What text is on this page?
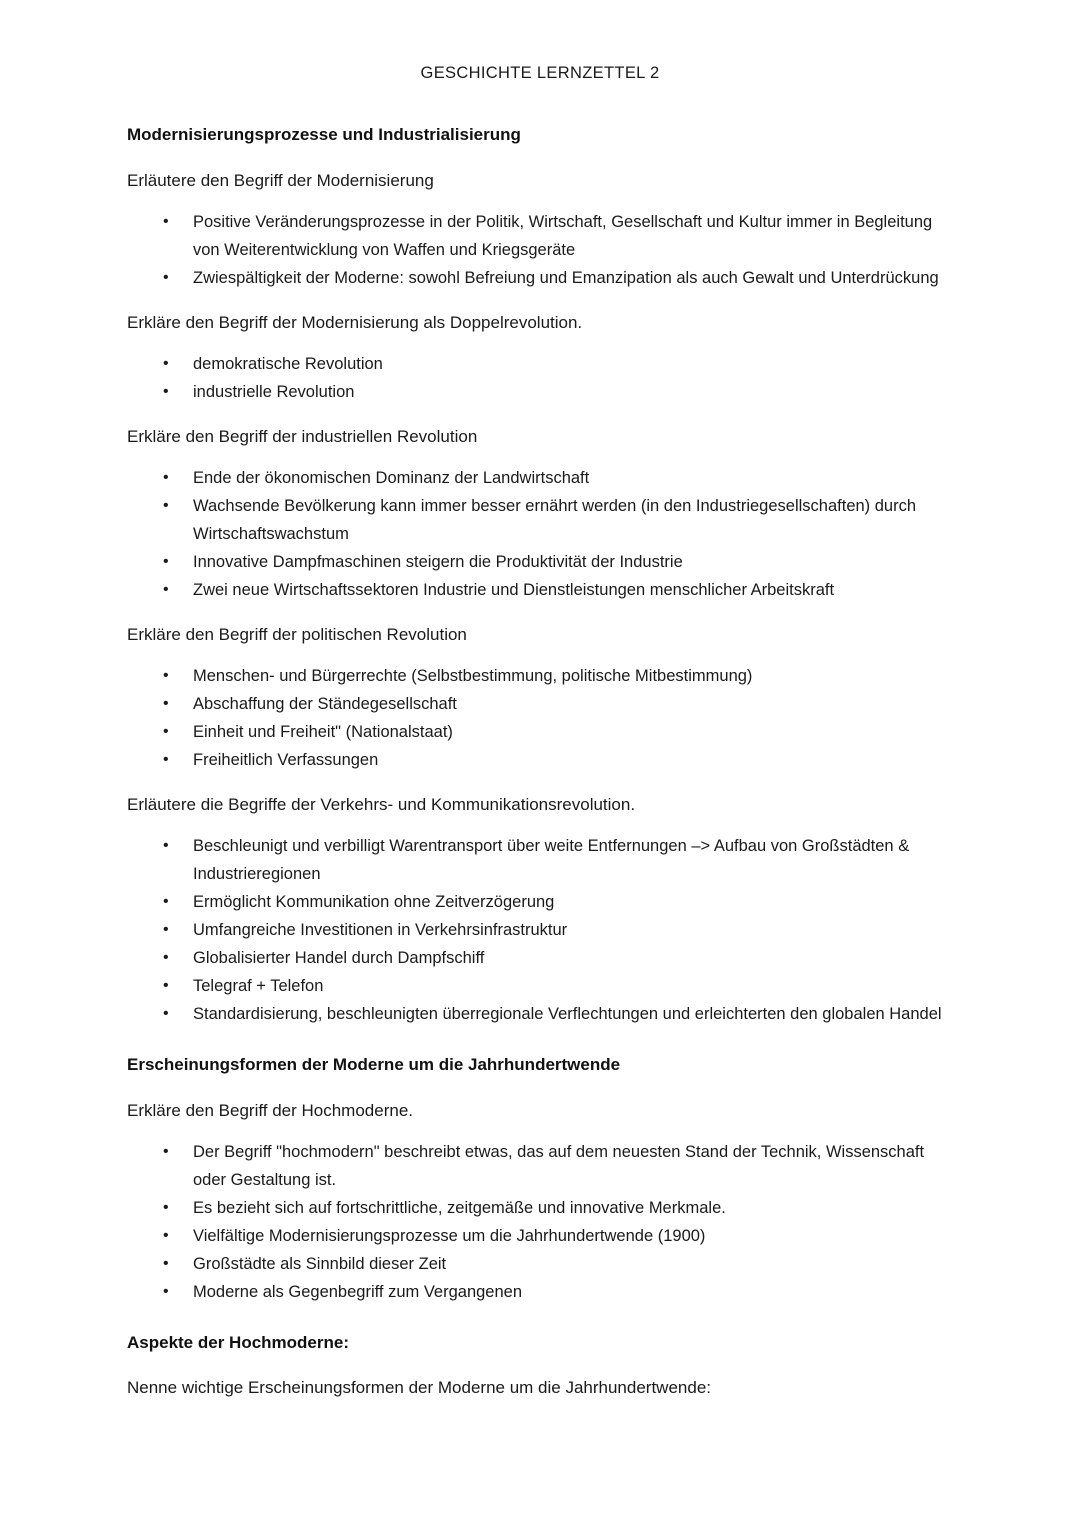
GESCHICHTE LERNZETTEL 2
Modernisierungsprozesse und Industrialisierung

Erläutere den Begriff der Modernisierung

• Positive Veränderungsprozesse in der Politik, Wirtschaft, Gesellschaft und Kultur immer in Begleitung von Weiterentwicklung von Waffen und Kriegsgeräte
• Zwiespältigkeit der Moderne: sowohl Befreiung und Emanzipation als auch Gewalt und Unterdrückung

Erkläre den Begriff der Modernisierung als Doppelrevolution.

• demokratische Revolution
• industrielle Revolution

Erkläre den Begriff der industriellen Revolution

• Ende der ökonomischen Dominanz der Landwirtschaft
• Wachsende Bevölkerung kann immer besser ernährt werden (in den Industriegesellschaften) durch Wirtschaftswachstum
• Innovative Dampfmaschinen steigern die Produktivität der Industrie
• Zwei neue Wirtschaftssektoren Industrie und Dienstleistungen menschlicher Arbeitskraft

Erkläre den Begriff der politischen Revolution

• Menschen- und Bürgerrechte (Selbstbestimmung, politische Mitbestimmung)
• Abschaffung der Ständegesellschaft
• Einheit und Freiheit" (Nationalstaat)
• Freiheitlich Verfassungen

Erläutere die Begriffe der Verkehrs- und Kommunikationsrevolution.

• Beschleunigt und verbilligt Warentransport über weite Entfernungen –> Aufbau von Großstädten & Industrieregionen
• Ermöglicht Kommunikation ohne Zeitverzögerung
• Umfangreiche Investitionen in Verkehrsinfrastruktur
• Globalisierter Handel durch Dampfschiff
• Telegraf + Telefon
• Standardisierung, beschleunigten überregionale Verflechtungen und erleichterten den globalen Handel
Erscheinungsformen der Moderne um die Jahrhundertwende

Erkläre den Begriff der Hochmoderne.

• Der Begriff "hochmodern" beschreibt etwas, das auf dem neuesten Stand der Technik, Wissenschaft oder Gestaltung ist.
• Es bezieht sich auf fortschrittliche, zeitgemäße und innovative Merkmale.
• Vielfältige Modernisierungsprozesse um die Jahrhundertwende (1900)
• Großstädte als Sinnbild dieser Zeit
• Moderne als Gegenbegriff zum Vergangenen
Aspekte der Hochmoderne:

Nenne wichtige Erscheinungsformen der Moderne um die Jahrhundertwende:
